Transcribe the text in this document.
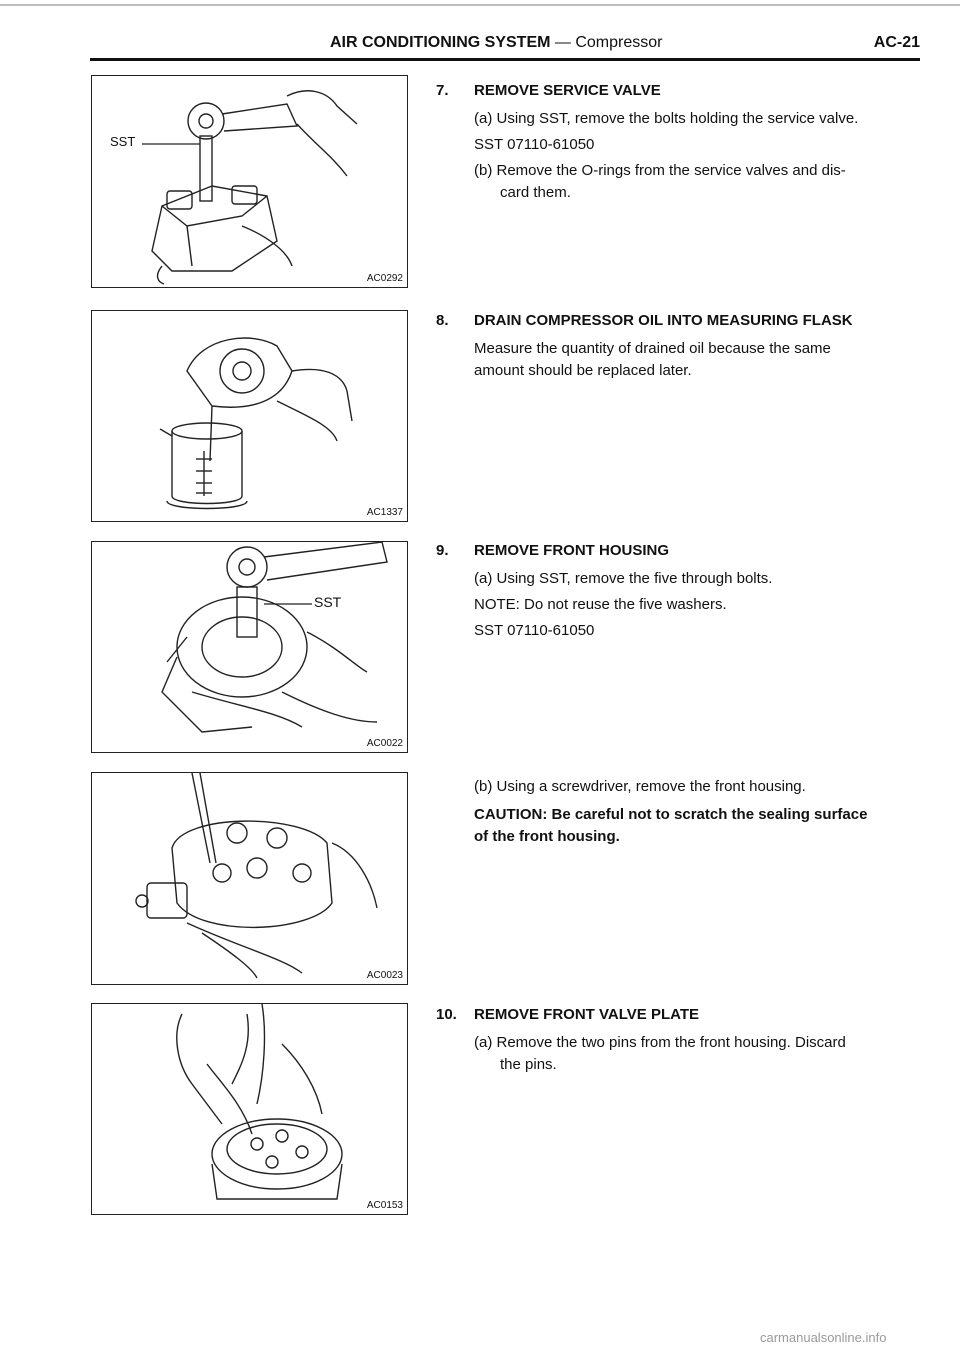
AIR CONDITIONING SYSTEM — Compressor	AC-21
SST
AC0292
AC1337
SST
AC0022
AC0023
AC0153

7. REMOVE SERVICE VALVE

(a) Using SST, remove the bolts holding the service valve.

SST 07110-61050

(b) Remove the O-rings from the service valves and dis-

card them.

8. DRAIN COMPRESSOR OIL INTO MEASURING FLASK

Measure the quantity of drained oil because the same

amount should be replaced later.

9. REMOVE FRONT HOUSING

(a) Using SST, remove the five through bolts.

NOTE: Do not reuse the five washers.

SST 07110-61050

(b) Using a screwdriver, remove the front housing.

CAUTION: Be careful not to scratch the sealing surface

of the front housing.

10. REMOVE FRONT VALVE PLATE

(a) Remove the two pins from the front housing. Discard

the pins.

carmanualsonline.info
